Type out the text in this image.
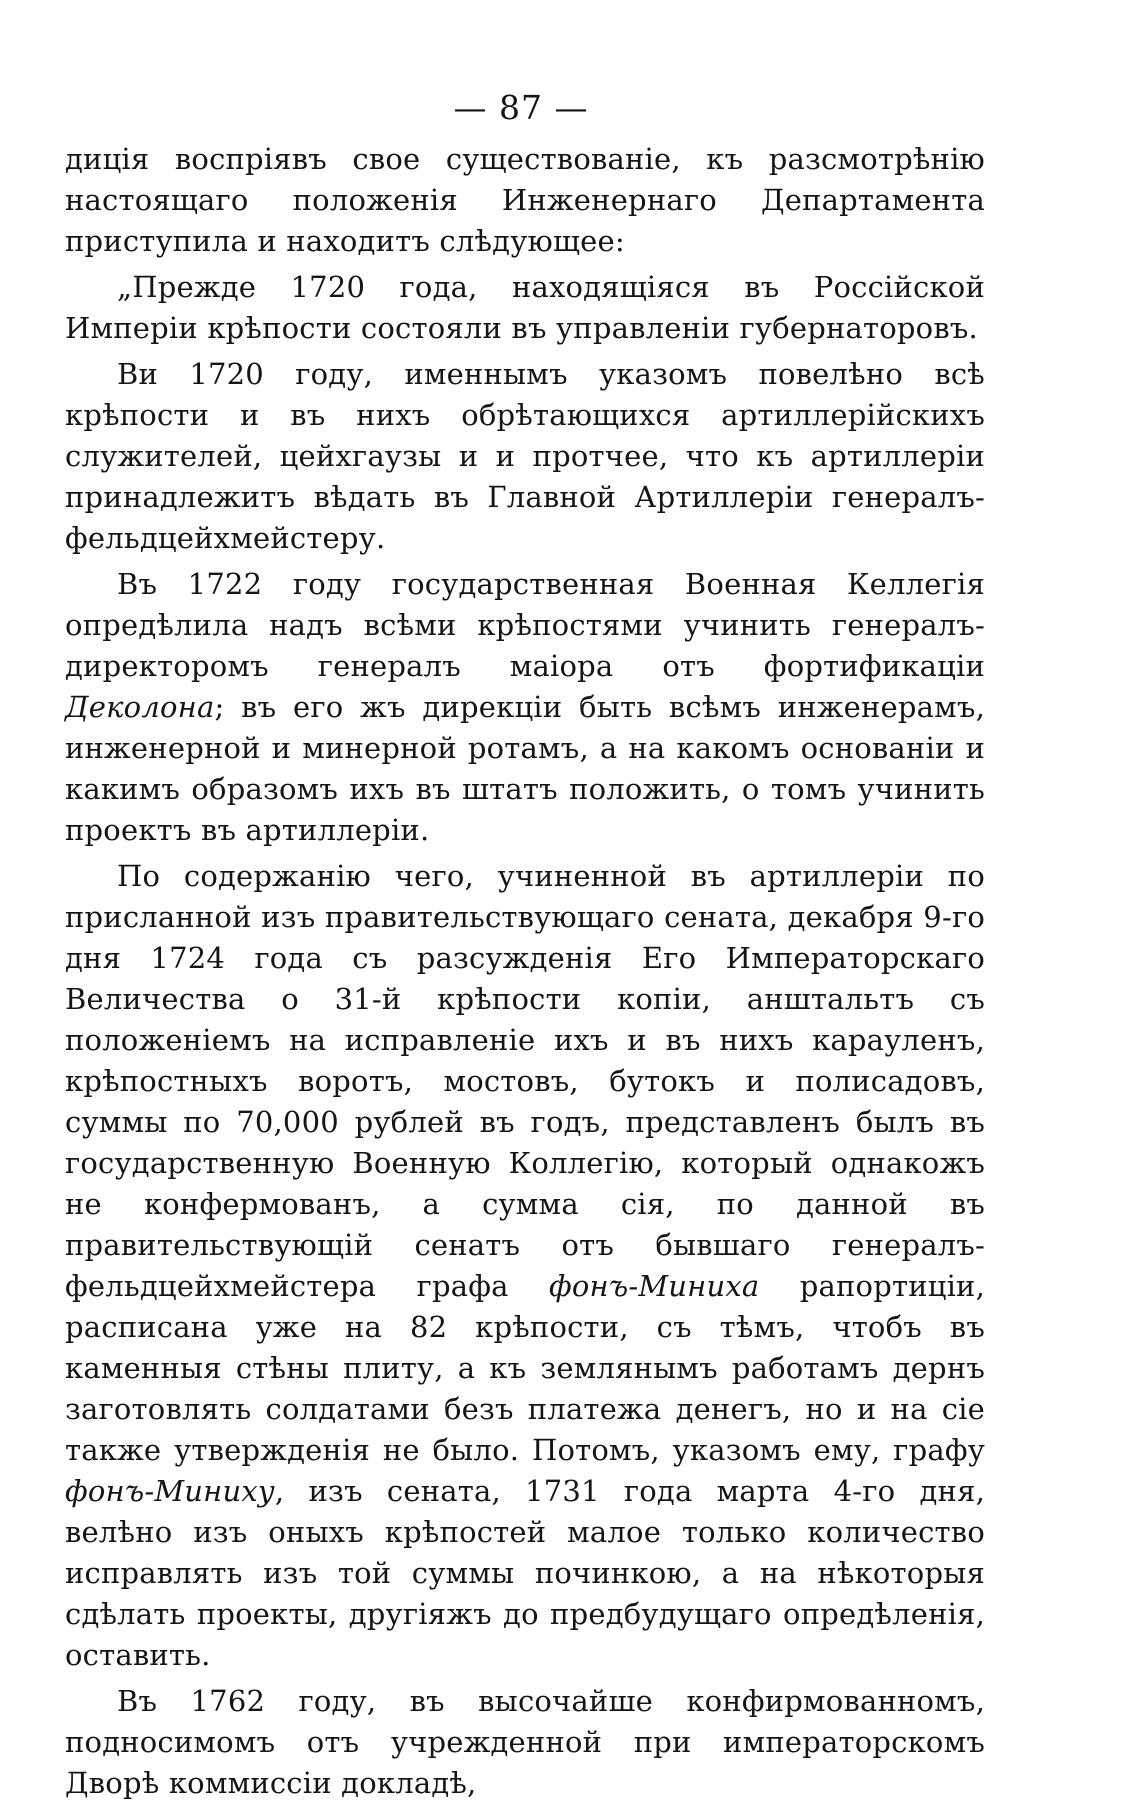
— 87 —

диція воспріявъ свое существованіе, къ разсмотрѣнію настоящаго положенія Инженернаго Департамента приступила и находитъ слѣдующее:

„Прежде 1720 года, находящіяся въ Россійской Имперіи крѣпости состояли въ управленіи губернаторовъ.

Ви 1720 году, именнымъ указомъ повелѣно всѣ крѣпости и въ нихъ обрѣтающихся артиллерійскихъ служителей, цейхгаузы и и протчее, что къ артиллеріи принадлежитъ вѣдать въ Главной Артиллеріи генералъ-фельдцейхмейстеру.

Въ 1722 году государственная Военная Келлегія опредѣлила надъ всѣми крѣпостями учинить генералъ-директоромъ генералъ маіора отъ фортификаціи Деколона; въ его жъ дирекціи быть всѣмъ инженерамъ, инженерной и минерной ротамъ, а на какомъ основаніи и какимъ образомъ ихъ въ штатъ положить, о томъ учинить проектъ въ артиллеріи.

По содержанію чего, учиненной въ артиллеріи по присланной изъ правительствующаго сената, декабря 9-го дня 1724 года съ разсужденія Его Императорскаго Величества о 31-й крѣпости копіи, анштальтъ съ положеніемъ на исправленіе ихъ и въ нихъ карауленъ, крѣпостныхъ воротъ, мостовъ, бутокъ и полисадовъ, суммы по 70,000 рублей въ годъ, представленъ былъ въ государственную Военную Коллегію, который однакожъ не конфермованъ, а сумма сія, по данной въ правительствующій сенатъ отъ бывшаго генералъ-фельдцейхмейстера графа фонъ-Миниха рапортиціи, расписана уже на 82 крѣпости, съ тѣмъ, чтобъ въ каменныя стѣны плиту, а къ землянымъ работамъ дернъ заготовлять солдатами безъ платежа денегъ, но и на сіе также утвержденія не было. Потомъ, указомъ ему, графу фонъ-Миниху, изъ сената, 1731 года марта 4-го дня, велѣно изъ оныхъ крѣпостей малое только количество исправлять изъ той суммы починкою, а на нѣкоторыя сдѣлать проекты, другіяжъ до предбудущаго опредѣленія, оставить.

Въ 1762 году, въ высочайше конфирмованномъ, подносимомъ отъ учрежденной при императорскомъ Дворѣ коммиссіи докладѣ,
